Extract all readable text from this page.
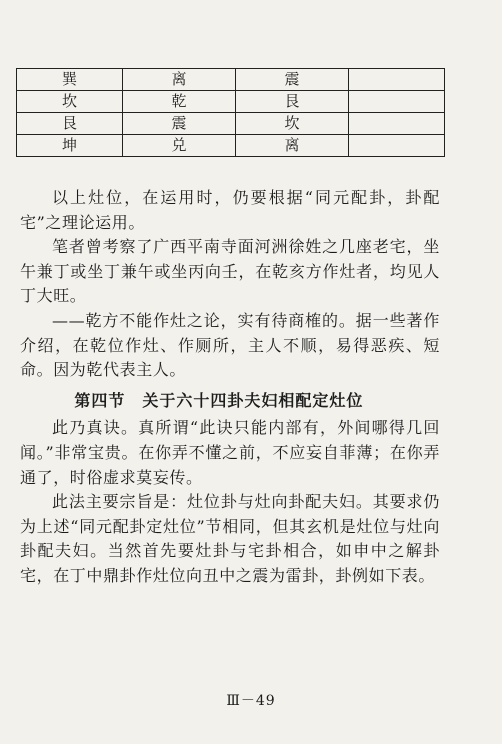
巽	离	震	
坎	乾	艮	
艮	震	坎	
坤	兑	离	

以上灶位，在运用时，仍要根据“同元配卦，卦配宅”之理论运用。

笔者曾考察了广西平南寺面河洲徐姓之几座老宅，坐午兼丁或坐丁兼午或坐丙向壬，在乾亥方作灶者，均见人丁大旺。

——乾方不能作灶之论，实有待商榷的。据一些著作介绍，在乾位作灶、作厕所，主人不顺，易得恶疾、短命。因为乾代表主人。

第四节　关于六十四卦夫妇相配定灶位

此乃真诀。真所谓“此诀只能内部有，外间哪得几回闻。”非常宝贵。在你弄不懂之前，不应妄自菲薄；在你弄通了，时俗虚求莫妄传。

此法主要宗旨是：灶位卦与灶向卦配夫妇。其要求仍为上述“同元配卦定灶位”节相同，但其玄机是灶位与灶向卦配夫妇。当然首先要灶卦与宅卦相合，如申中之解卦宅，在丁中鼎卦作灶位向丑中之震为雷卦，卦例如下表。

Ⅲ－49
